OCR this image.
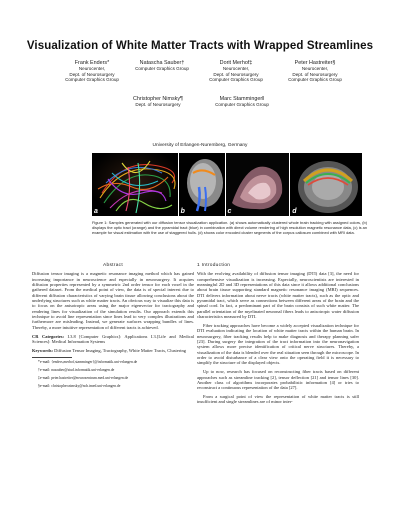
Visualization of White Matter Tracts with Wrapped Streamlines
Frank Enders*
Neurocenter,
Dept. of Neurosurgery
Computer Graphics Group
Natascha Sauber†
Computer Graphics Group
Dorit Merhof‡
Neurocenter,
Dept. of Neurosurgery
Computer Graphics Group
Peter Hastreiter§
Neurocenter,
Dept. of Neurosurgery
Computer Graphics Group
Christopher Nimsky¶
Dept. of Neurosurgery
Marc Stamminger‖
Computer Graphics Group
University of Erlangen-Nuremberg, Germany
a	b	c	d
Figure 1: Samples generated with our diffusion tensor visualization application. (a) shows automatically clustered whole brain tracking with assigned colors, (b) displays the optic tract (orange) and the pyramidal tract (blue) in combination with direct volume rendering of high resolution magnetic resonance data, (c) is an example for visual estimation with the use of staggered hulls. (d) shows color encoded cluster segments of the corpus callosum combined with MRI data.
Abstract

Diffusion tensor imaging is a magnetic resonance imaging method which has gained increasing importance in neuroscience and especially in neurosurgery. It acquires diffusion properties represented by a symmetric 2nd order tensor for each voxel in the gathered dataset. From the medical point of view, the data is of special interest due to different diffusion characteristics of varying brain tissue allowing conclusions about the underlying structures such as white matter tracts. An obvious way to visualize this data is to focus on the anisotropic areas using the major eigenvector for tractography and rendering lines for visualization of the simulation results. Our approach extends this technique to avoid line representation since lines lead to very complex illustrations and furthermore are misleading. Instead, we generate surfaces wrapping bundles of lines. Thereby, a more intuitive representation of different tracts is achieved.

CR Categories: I.3.8 [Computer Graphics]: Applications I.3.[Life and Medical Sciences]: Medical Information Systems

Keywords: Diffusion Tensor Imaging, Tractography, White Matter Tracts, Clustering

*e-mail: {enders,merhof,stamminger}@informatik.uni-erlangen.de

†e-mail: nasauber@stud.informatik.uni-erlangen.de

‡e-mail: peter.hastreiter@neurozentrum.med.uni-erlangen.de

§e-mail: christopher.nimsky@nch.imed.uni-erlangen.de

1 Introduction

With the evolving availability of diffusion tensor imaging (DTI) data [3], the need for comprehensive visualization is increasing. Especially, neuroscientists are interested in meaningful 2D and 3D representations of this data since it allows additional conclusions about brain tissue supporting standard magnetic resonance imaging (MRI) sequences. DTI delivers information about nerve tracts (white matter tracts), such as the optic and pyramidal tract, which serve as connections between different areas of the brain and the spinal cord. In fact, a predominant part of the brain consists of such white matter. The parallel orientation of the myelinated neuronal fibers leads to anisotropic water diffusion characteristics measured by DTI.

Fiber tracking approaches have become a widely accepted visualization technique for DTI evaluation indicating the location of white matter tracts within the human brain. In neurosurgery, fiber tracking results help to make diagnosis and therapy planning safer [23]. During surgery the integration of the tract information into the neuronavigation system allows more precise identification of critical nerve structures. Thereby, a visualization of the data is blended over the real situation seen through the microscope. In order to avoid disturbance of a clear view onto the operating field it is necessary to simplify the structure of the displayed objects.

Up to now, research has focused on reconstructing fiber tracts based on different approaches such as streamline tracking [2], tensor deflection [21] and tensor lines [30]. Another class of algorithms incorporates probabilistic information [4] or tries to reconstruct a continuous representation of the data [27].

From a surgical point of view the representation of white matter tracts is still insufficient and single streamlines are of minor inter-
